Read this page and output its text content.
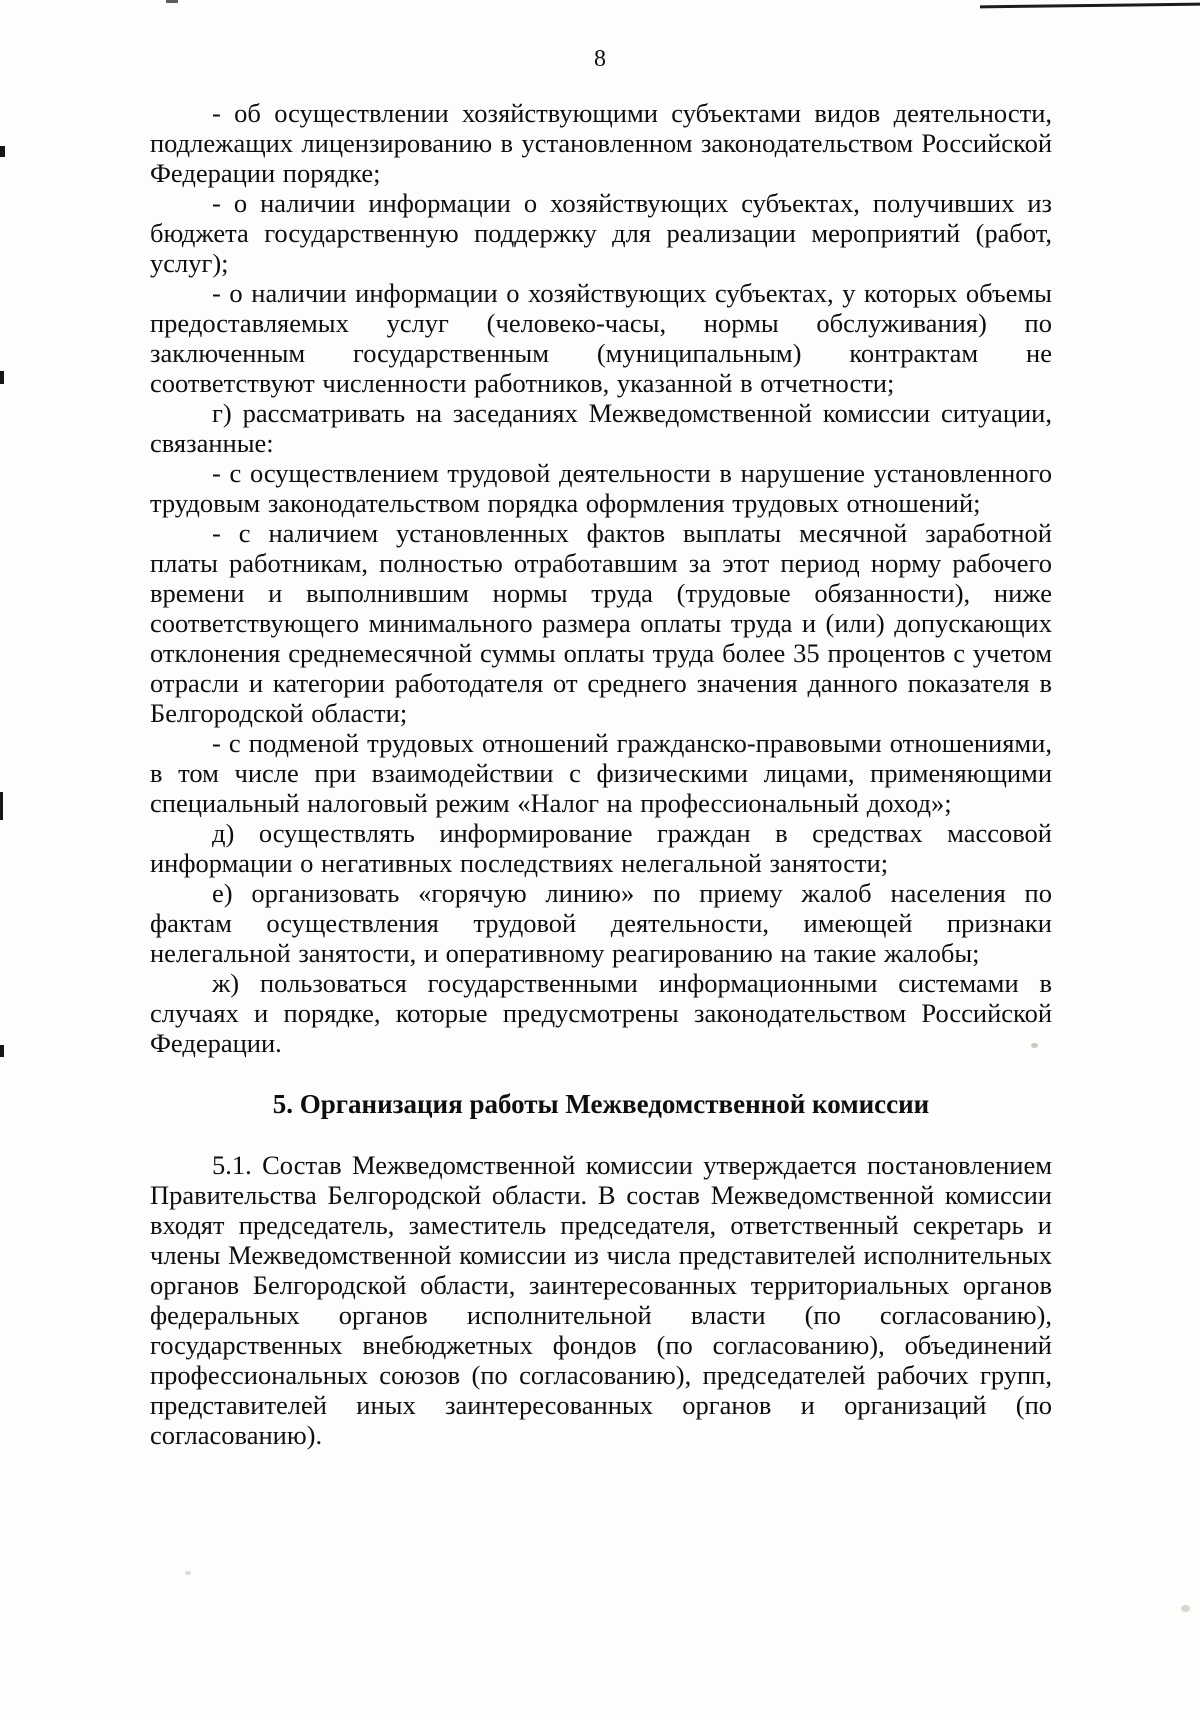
8

- об осуществлении хозяйствующими субъектами видов деятельности, подлежащих лицензированию в установленном законодательством Российской Федерации порядке;

- о наличии информации о хозяйствующих субъектах, получивших из бюджета государственную поддержку для реализации мероприятий (работ, услуг);

- о наличии информации о хозяйствующих субъектах, у которых объемы предоставляемых услуг (человеко-часы, нормы обслуживания) по заключенным государственным (муниципальным) контрактам не соответствуют численности работников, указанной в отчетности;

г) рассматривать на заседаниях Межведомственной комиссии ситуации, связанные:

- с осуществлением трудовой деятельности в нарушение установленного трудовым законодательством порядка оформления трудовых отношений;

- с наличием установленных фактов выплаты месячной заработной платы работникам, полностью отработавшим за этот период норму рабочего времени и выполнившим нормы труда (трудовые обязанности), ниже соответствующего минимального размера оплаты труда и (или) допускающих отклонения среднемесячной суммы оплаты труда более 35 процентов с учетом отрасли и категории работодателя от среднего значения данного показателя в Белгородской области;

- с подменой трудовых отношений гражданско-правовыми отношениями, в том числе при взаимодействии с физическими лицами, применяющими специальный налоговый режим «Налог на профессиональный доход»;

д) осуществлять информирование граждан в средствах массовой информации о негативных последствиях нелегальной занятости;

е) организовать «горячую линию» по приему жалоб населения по фактам осуществления трудовой деятельности, имеющей признаки нелегальной занятости, и оперативному реагированию на такие жалобы;

ж) пользоваться государственными информационными системами в случаях и порядке, которые предусмотрены законодательством Российской Федерации.

5. Организация работы Межведомственной комиссии

5.1. Состав Межведомственной комиссии утверждается постановлением Правительства Белгородской области. В состав Межведомственной комиссии входят председатель, заместитель председателя, ответственный секретарь и члены Межведомственной комиссии из числа представителей исполнительных органов Белгородской области, заинтересованных территориальных органов федеральных органов исполнительной власти (по согласованию), государственных внебюджетных фондов (по согласованию), объединений профессиональных союзов (по согласованию), председателей рабочих групп, представителей иных заинтересованных органов и организаций (по согласованию).
